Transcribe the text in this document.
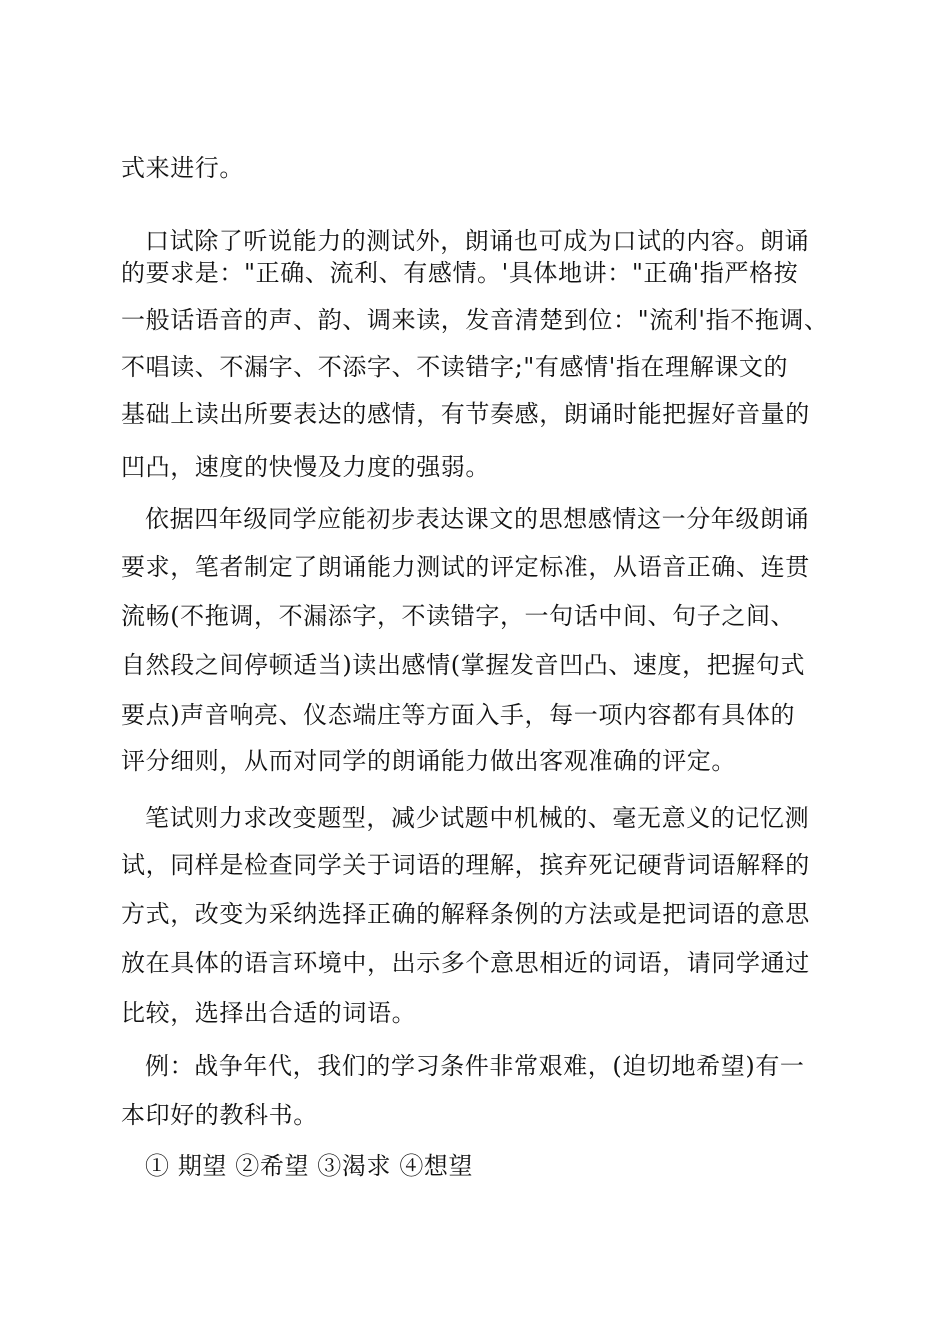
式来进行。
口试除了听说能力的测试外，朗诵也可成为口试的内容。朗诵
的要求是："正确、流利、有感情。'具体地讲："正确'指严格按
一般话语音的声、韵、调来读，发音清楚到位："流利'指不拖调、
不唱读、不漏字、不添字、不读错字;"有感情'指在理解课文的
基础上读出所要表达的感情，有节奏感，朗诵时能把握好音量的
凹凸，速度的快慢及力度的强弱。
依据四年级同学应能初步表达课文的思想感情这一分年级朗诵
要求，笔者制定了朗诵能力测试的评定标准，从语音正确、连贯
流畅(不拖调，不漏添字，不读错字，一句话中间、句子之间、
自然段之间停顿适当)读出感情(掌握发音凹凸、速度，把握句式
要点)声音响亮、仪态端庄等方面入手，每一项内容都有具体的
评分细则，从而对同学的朗诵能力做出客观准确的评定。
笔试则力求改变题型，减少试题中机械的、毫无意义的记忆测
试，同样是检查同学关于词语的理解，摈弃死记硬背词语解释的
方式，改变为采纳选择正确的解释条例的方法或是把词语的意思
放在具体的语言环境中，出示多个意思相近的词语，请同学通过
比较，选择出合适的词语。
例：战争年代，我们的学习条件非常艰难，(迫切地希望)有一
本印好的教科书。
① 期望 ②希望 ③渴求 ④想望
